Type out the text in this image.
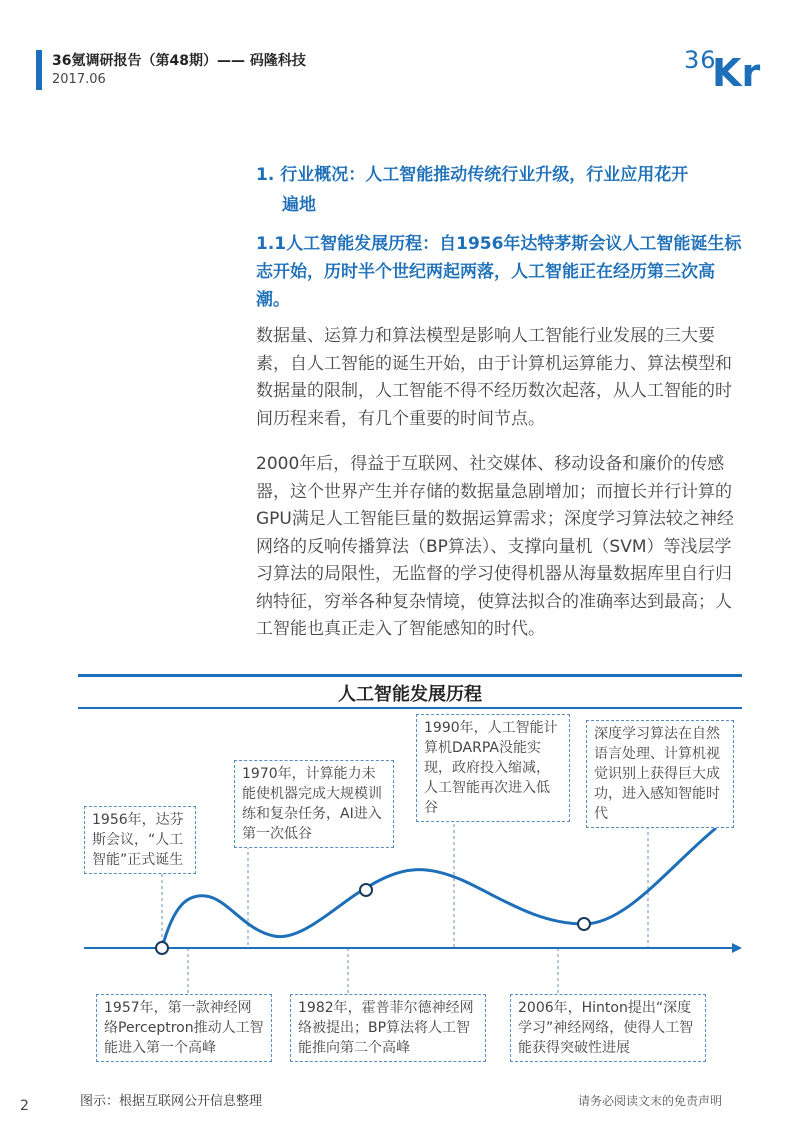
36氪调研报告（第48期）—— 码隆科技
2017.06
36
Kr
1. 行业概况：人工智能推动传统行业升级，行业应用花开
遍地
1.1人工智能发展历程：自1956年达特茅斯会议人工智能诞生标志开始，历时半个世纪两起两落，人工智能正在经历第三次高潮。

数据量、运算力和算法模型是影响人工智能行业发展的三大要素，自人工智能的诞生开始，由于计算机运算能力、算法模型和数据量的限制，人工智能不得不经历数次起落，从人工智能的时间历程来看，有几个重要的时间节点。

2000年后，得益于互联网、社交媒体、移动设备和廉价的传感器，这个世界产生并存储的数据量急剧增加；而擅长并行计算的GPU满足人工智能巨量的数据运算需求；深度学习算法较之神经网络的反响传播算法（BP算法）、支撑向量机（SVM）等浅层学习算法的局限性，无监督的学习使得机器从海量数据库里自行归纳特征，穷举各种复杂情境，使算法拟合的准确率达到最高；人工智能也真正走入了智能感知的时代。

人工智能发展历程
1956年，达芬斯会议，“人工智能”正式诞生
1970年，计算能力未能使机器完成大规模训练和复杂任务，AI进入第一次低谷
1990年，人工智能计算机DARPA没能实现，政府投入缩减，人工智能再次进入低谷
深度学习算法在自然语言处理、计算机视觉识别上获得巨大成功，进入感知智能时代
1957年，第一款神经网络Perceptron推动人工智能进入第一个高峰
1982年，霍普菲尔德神经网络被提出；BP算法将人工智能推向第二个高峰
2006年，Hinton提出“深度学习”神经网络，使得人工智能获得突破性进展
图示：根据互联网公开信息整理	请务必阅读文末的免责声明
2
